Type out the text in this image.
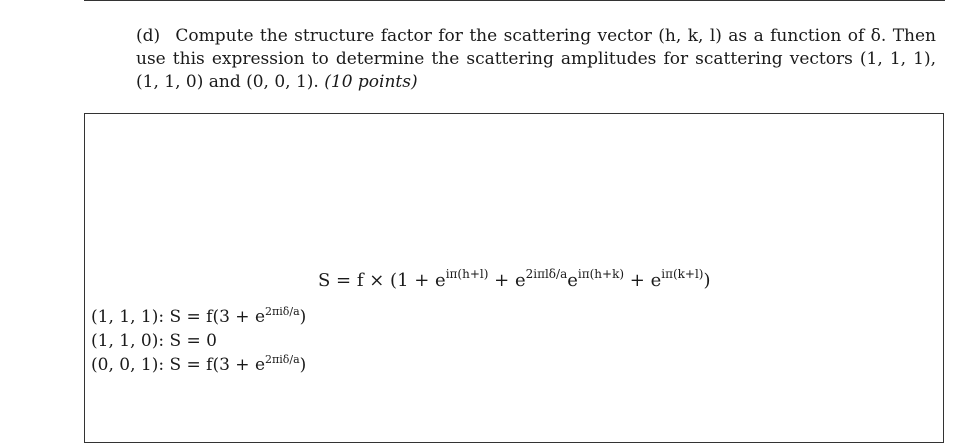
(d) Compute the structure factor for the scattering vector (h, k, l) as a function of δ. Then use this expression to determine the scattering amplitudes for scattering vectors (1, 1, 1), (1, 1, 0) and (0, 0, 1). (10 points)
$S = f \times (1 + e^{i\pi(h+l)} + e^{2i\pi l\delta/a}e^{i\pi(h+k)} + e^{i\pi(k+l)})$
(1, 1, 1): $S = f(3 + e^{2\pi i\delta/a})$
(1, 1, 0): S = 0
(0, 0, 1): $S = f(3 + e^{2\pi i\delta/a})$
